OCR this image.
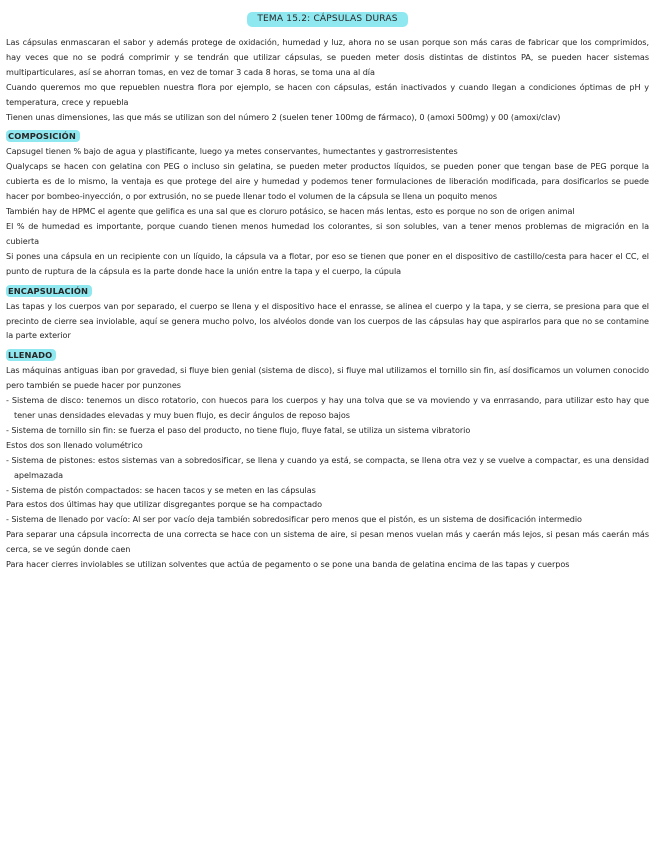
TEMA 15.2: CÁPSULAS DURAS

Las cápsulas enmascaran el sabor y además protege de oxidación, humedad y luz, ahora no se usan porque son más caras de fabricar que los comprimidos, hay veces que no se podrá comprimir y se tendrán que utilizar cápsulas, se pueden meter dosis distintas de distintos PA, se pueden hacer sistemas multiparticulares, así se ahorran tomas, en vez de tomar 3 cada 8 horas, se toma una al día

Cuando queremos mo que repueblen nuestra flora por ejemplo, se hacen con cápsulas, están inactivados y cuando llegan a condiciones óptimas de pH y temperatura, crece y repuebla

Tienen unas dimensiones, las que más se utilizan son del número 2 (suelen tener 100mg de fármaco), 0 (amoxi 500mg) y 00 (amoxi/clav)

COMPOSICIÓN

Capsugel tienen % bajo de agua y plastificante, luego ya metes conservantes, humectantes y gastrorresistentes

Qualycaps se hacen con gelatina con PEG o incluso sin gelatina, se pueden meter productos líquidos, se pueden poner que tengan base de PEG porque la cubierta es de lo mismo, la ventaja es que protege del aire y humedad y podemos tener formulaciones de liberación modificada, para dosificarlos se puede hacer por bombeo-inyección, o por extrusión, no se puede llenar todo el volumen de la cápsula se llena un poquito menos

También hay de HPMC el agente que gelifica es una sal que es cloruro potásico, se hacen más lentas, esto es porque no son de origen animal

El % de humedad es importante, porque cuando tienen menos humedad los colorantes, si son solubles, van a tener menos problemas de migración en la cubierta

Si pones una cápsula en un recipiente con un líquido, la cápsula va a flotar, por eso se tienen que poner en el dispositivo de castillo/cesta para hacer el CC, el punto de ruptura de la cápsula es la parte donde hace la unión entre la tapa y el cuerpo, la cúpula

ENCAPSULACIÓN

Las tapas y los cuerpos van por separado, el cuerpo se llena y el dispositivo hace el enrasse, se alinea el cuerpo y la tapa, y se cierra, se presiona para que el precinto de cierre sea inviolable, aquí se genera mucho polvo, los alvéolos donde van los cuerpos de las cápsulas hay que aspirarlos para que no se contamine la parte exterior

LLENADO

Las máquinas antiguas iban por gravedad, si fluye bien genial (sistema de disco), si fluye mal utilizamos el tornillo sin fin, así dosificamos un volumen conocido pero también se puede hacer por punzones

- Sistema de disco: tenemos un disco rotatorio, con huecos para los cuerpos y hay una tolva que se va moviendo y va enrrasando, para utilizar esto hay que tener unas densidades elevadas y muy buen flujo, es decir ángulos de reposo bajos

- Sistema de tornillo sin fin: se fuerza el paso del producto, no tiene flujo, fluye fatal, se utiliza un sistema vibratorio

Estos dos son llenado volumétrico

- Sistema de pistones: estos sistemas van a sobredosificar, se llena y cuando ya está, se compacta, se llena otra vez y se vuelve a compactar, es una densidad apelmazada

- Sistema de pistón compactados: se hacen tacos y se meten en las cápsulas

Para estos dos últimas hay que utilizar disgregantes porque se ha compactado

- Sistema de llenado por vacío: Al ser por vacío deja también sobredosificar pero menos que el pistón, es un sistema de dosificación intermedio

Para separar una cápsula incorrecta de una correcta se hace con un sistema de aire, si pesan menos vuelan más y caerán más lejos, si pesan más caerán más cerca, se ve según donde caen

Para hacer cierres inviolables se utilizan solventes que actúa de pegamento o se pone una banda de gelatina encima de las tapas y cuerpos
